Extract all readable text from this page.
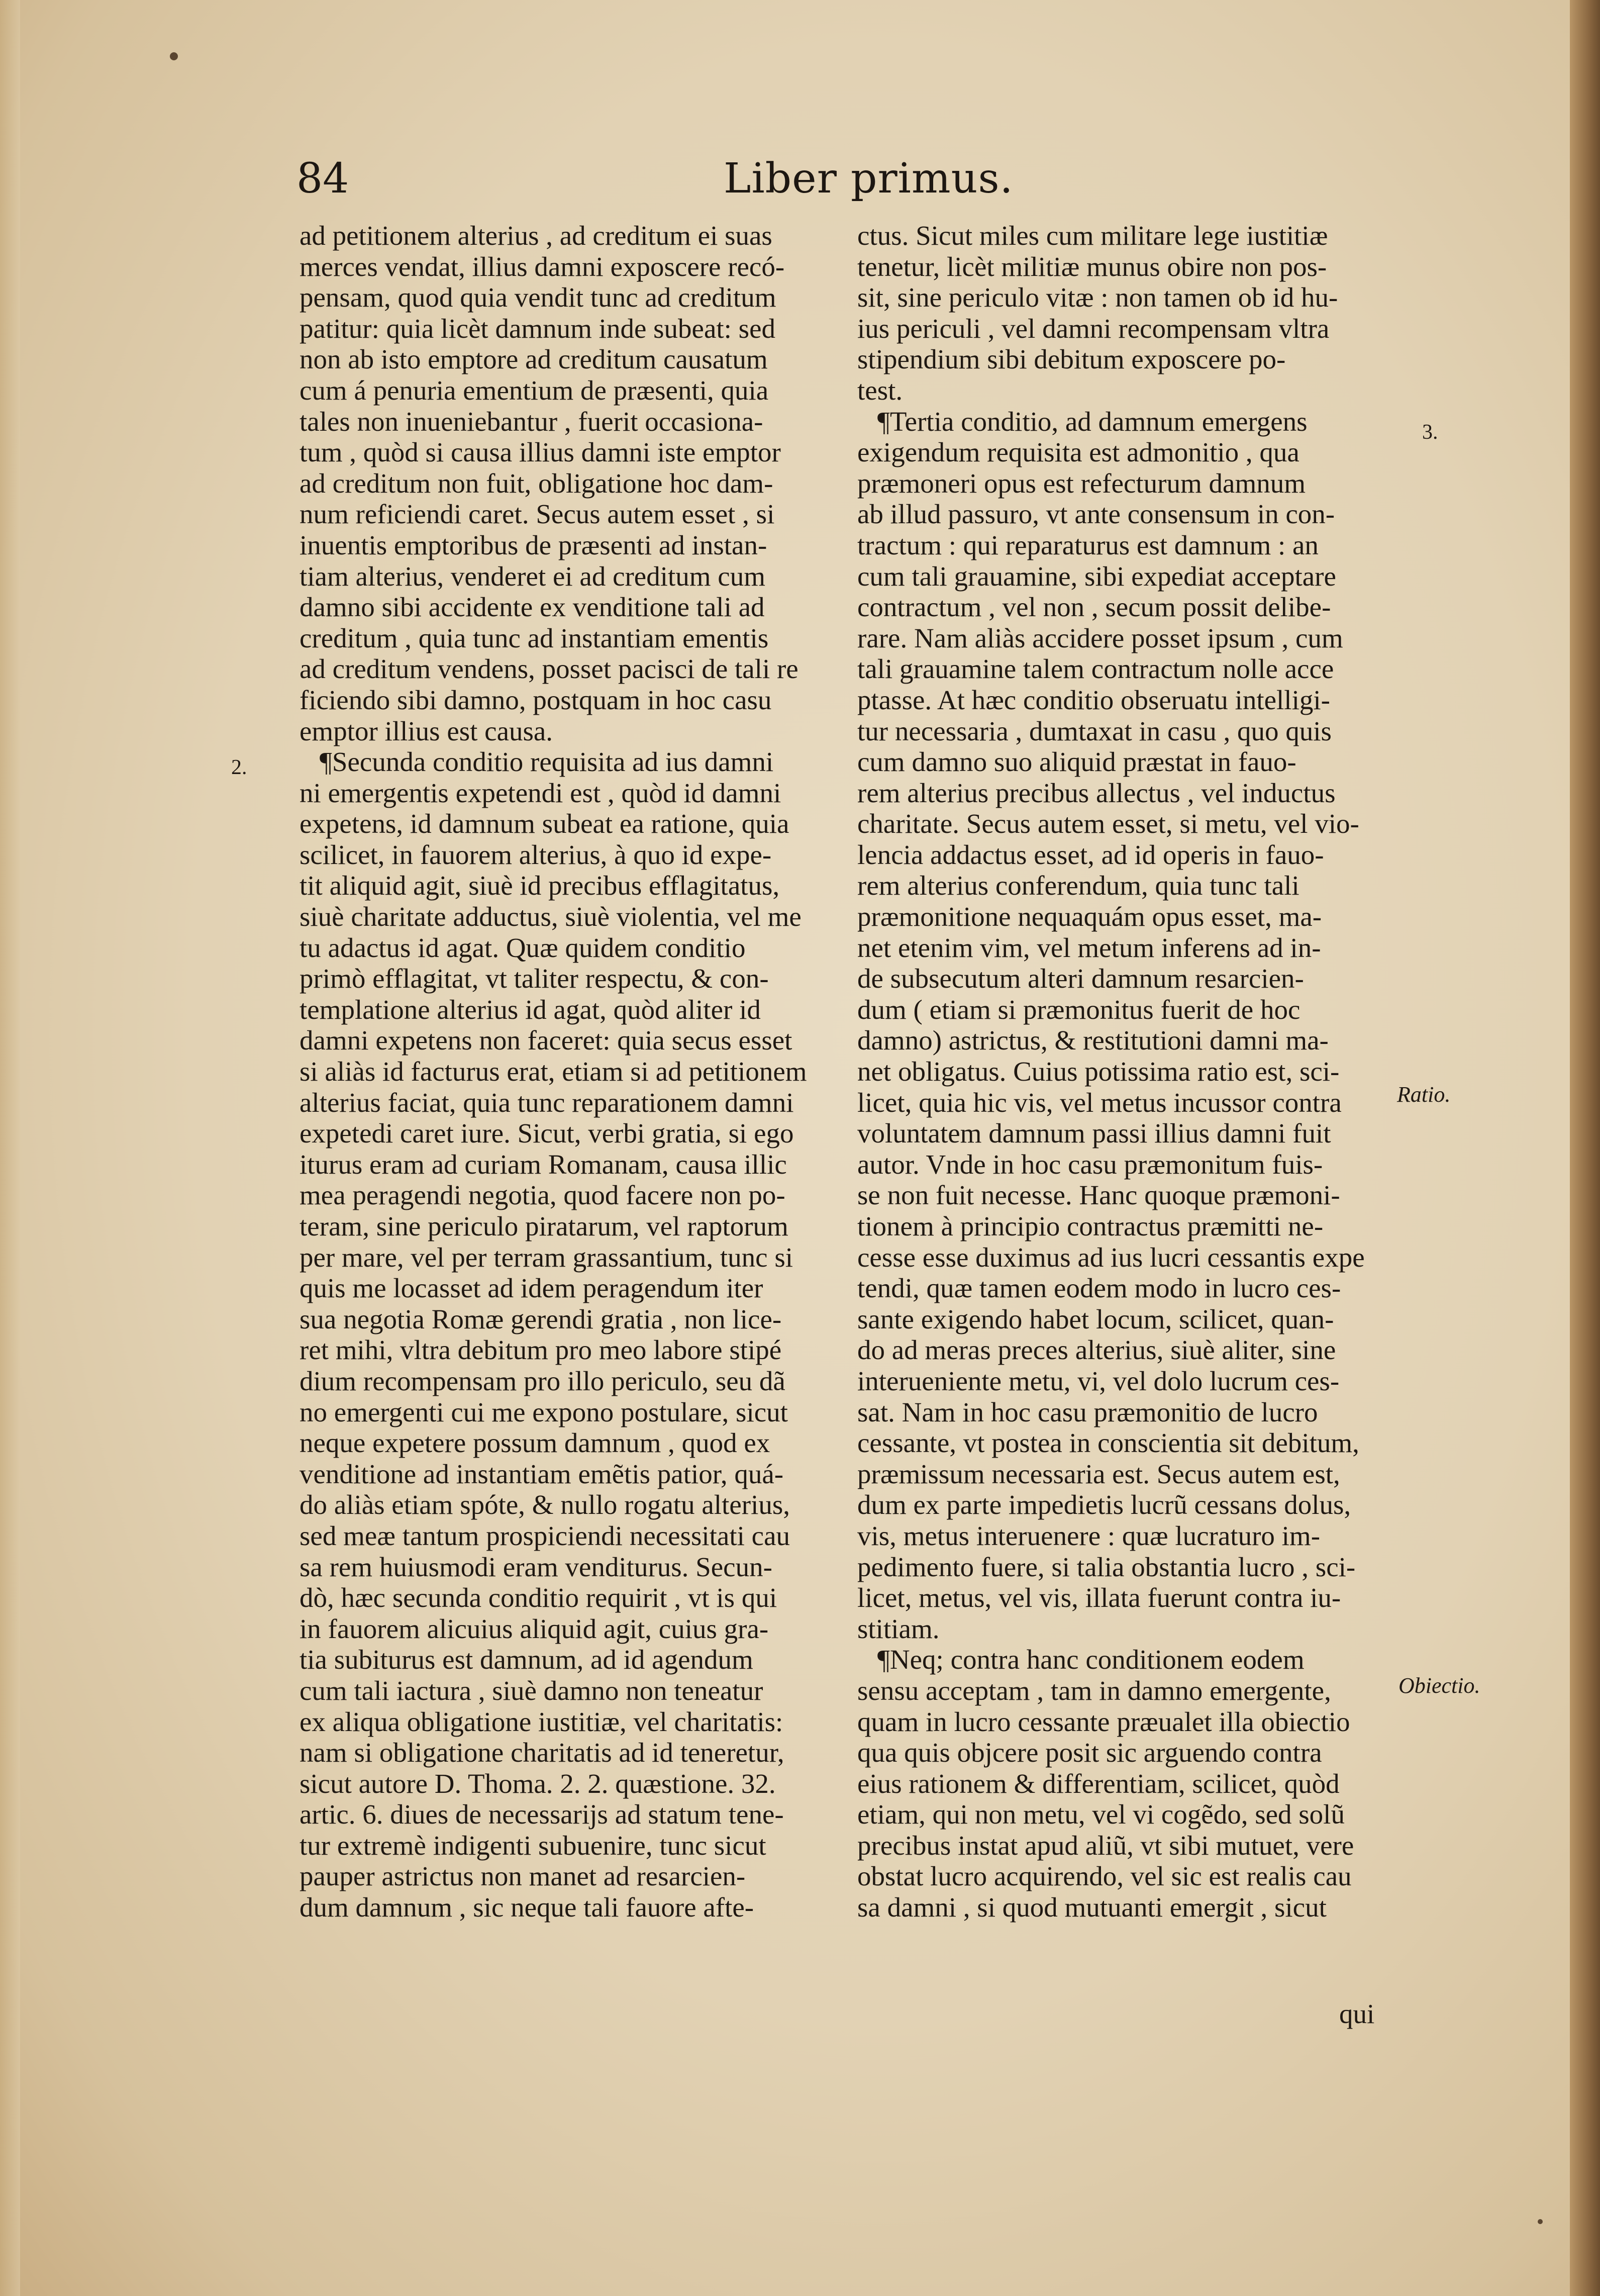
84	Liber primus.

ad petitionem alterius , ad creditum ei suas

merces vendat, illius damni exposcere recó-

pensam, quod quia vendit tunc ad creditum

patitur: quia licèt damnum inde subeat: sed

non ab isto emptore ad creditum causatum

cum á penuria ementium de præsenti, quia

tales non inueniebantur , fuerit occasiona-

tum , quòd si causa illius damni iste emptor

ad creditum non fuit, obligatione hoc dam-

num reficiendi caret. Secus autem esset , si

inuentis emptoribus de præsenti ad instan-

tiam alterius, venderet ei ad creditum cum

damno sibi accidente ex venditione tali ad

creditum , quia tunc ad instantiam ementis

ad creditum vendens, posset pacisci de tali re

ficiendo sibi damno, postquam in hoc casu

emptor illius est causa.

¶Secunda conditio requisita ad ius damni

ni emergentis expetendi est , quòd id damni

expetens, id damnum subeat ea ratione, quia

scilicet, in fauorem alterius, à quo id expe-

tit aliquid agit, siuè id precibus efflagitatus,

siuè charitate adductus, siuè violentia, vel me

tu adactus id agat. Quæ quidem conditio

primò efflagitat, vt taliter respectu, & con-

templatione alterius id agat, quòd aliter id

damni expetens non faceret: quia secus esset

si aliàs id facturus erat, etiam si ad petitionem

alterius faciat, quia tunc reparationem damni

expetedi caret iure. Sicut, verbi gratia, si ego

iturus eram ad curiam Romanam, causa illic

mea peragendi negotia, quod facere non po-

teram, sine periculo piratarum, vel raptorum

per mare, vel per terram grassantium, tunc si

quis me locasset ad idem peragendum iter

sua negotia Romæ gerendi gratia , non lice-

ret mihi, vltra debitum pro meo labore stipé

dium recompensam pro illo periculo, seu dã

no emergenti cui me expono postulare, sicut

neque expetere possum damnum , quod ex

venditione ad instantiam emẽtis patior, quá-

do aliàs etiam spóte, & nullo rogatu alterius,

sed meæ tantum prospiciendi necessitati cau

sa rem huiusmodi eram venditurus. Secun-

dò, hæc secunda conditio requirit , vt is qui

in fauorem alicuius aliquid agit, cuius gra-

tia subiturus est damnum, ad id agendum

cum tali iactura , siuè damno non teneatur

ex aliqua obligatione iustitiæ, vel charitatis:

nam si obligatione charitatis ad id teneretur,

sicut autore D. Thoma. 2. 2. quæstione. 32.

artic. 6. diues de necessarijs ad statum tene-

tur extremè indigenti subuenire, tunc sicut

pauper astrictus non manet ad resarcien-

dum damnum , sic neque tali fauore afte-

ctus. Sicut miles cum militare lege iustitiæ

tenetur, licèt militiæ munus obire non pos-

sit, sine periculo vitæ : non tamen ob id hu-

ius periculi , vel damni recompensam vltra

stipendium sibi debitum exposcere po-

test.

¶Tertia conditio, ad damnum emergens

exigendum requisita est admonitio , qua

præmoneri opus est refecturum damnum

ab illud passuro, vt ante consensum in con-

tractum : qui reparaturus est damnum : an

cum tali grauamine, sibi expediat acceptare

contractum , vel non , secum possit delibe-

rare. Nam aliàs accidere posset ipsum , cum

tali grauamine talem contractum nolle acce

ptasse. At hæc conditio obseruatu intelligi-

tur necessaria , dumtaxat in casu , quo quis

cum damno suo aliquid præstat in fauo-

rem alterius precibus allectus , vel inductus

charitate. Secus autem esset, si metu, vel vio-

lencia addactus esset, ad id operis in fauo-

rem alterius conferendum, quia tunc tali

præmonitione nequaquám opus esset, ma-

net etenim vim, vel metum inferens ad in-

de subsecutum alteri damnum resarcien-

dum ( etiam si præmonitus fuerit de hoc

damno) astrictus, & restitutioni damni ma-

net obligatus. Cuius potissima ratio est, sci-

licet, quia hic vis, vel metus incussor contra

voluntatem damnum passi illius damni fuit

autor. Vnde in hoc casu præmonitum fuis-

se non fuit necesse. Hanc quoque præmoni-

tionem à principio contractus præmitti ne-

cesse esse duximus ad ius lucri cessantis expe

tendi, quæ tamen eodem modo in lucro ces-

sante exigendo habet locum, scilicet, quan-

do ad meras preces alterius, siuè aliter, sine

interueniente metu, vi, vel dolo lucrum ces-

sat. Nam in hoc casu præmonitio de lucro

cessante, vt postea in conscientia sit debitum,

præmissum necessaria est. Secus autem est,

dum ex parte impedietis lucrũ cessans dolus,

vis, metus interuenere : quæ lucraturo im-

pedimento fuere, si talia obstantia lucro , sci-

licet, metus, vel vis, illata fuerunt contra iu-

stitiam.

¶Neq; contra hanc conditionem eodem

sensu acceptam , tam in damno emergente,

quam in lucro cessante præualet illa obiectio

qua quis objcere posit sic arguendo contra

eius rationem & differentiam, scilicet, quòd

etiam, qui non metu, vel vi cogẽdo, sed solũ

precibus instat apud aliũ, vt sibi mutuet, vere

obstat lucro acquirendo, vel sic est realis cau

sa damni , si quod mutuanti emergit , sicut

qui
2.
3.
Ratio.
Obiectio.
